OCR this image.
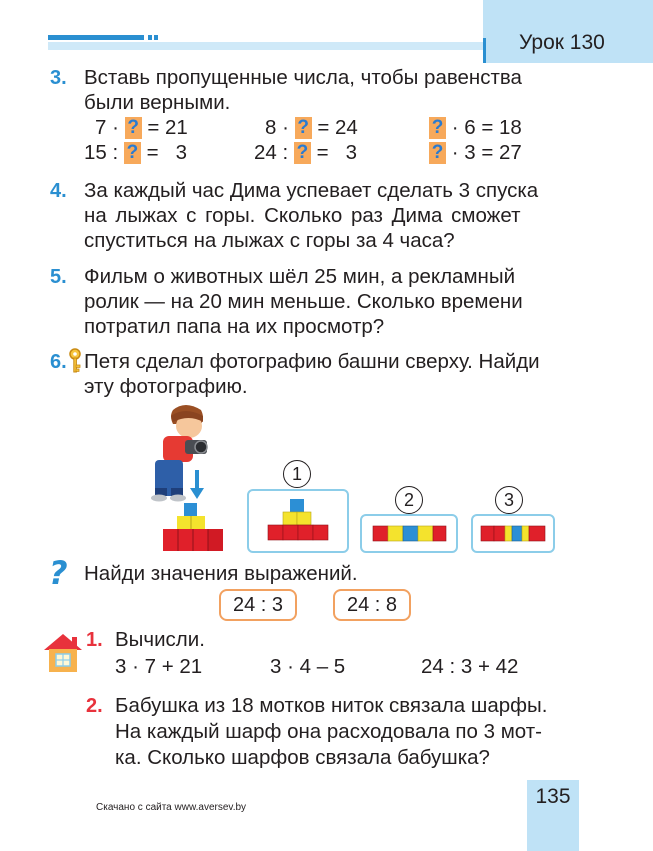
Урок 130
3. Вставь пропущенные числа, чтобы равенства
были верными.
7 · ? = 21	8 · ? = 24	? · 6 = 18
15 : ? =   3	24 : ? =   3	? · 3 = 27
4. За каждый час Дима успевает сделать 3 спуска
на лыжах с горы. Сколько раз Дима сможет
спуститься на лыжах с горы за 4 часа?
5. Фильм о животных шёл 25 мин, а рекламный
ролик — на 20 мин меньше. Сколько времени
потратил папа на их просмотр?
6. Петя сделал фотографию башни сверху. Найди
эту фотографию.
1
2	3
? Найди значения выражений.
24 : 3	24 : 8
1. Вычисли.
3 · 7 + 21	3 · 4 – 5	24 : 3 + 42
2. Бабушка из 18 мотков ниток связала шарфы.
На каждый шарф она расходовала по 3 мот-
ка. Сколько шарфов связала бабушка?
Скачано с сайта www.aversev.by	135
